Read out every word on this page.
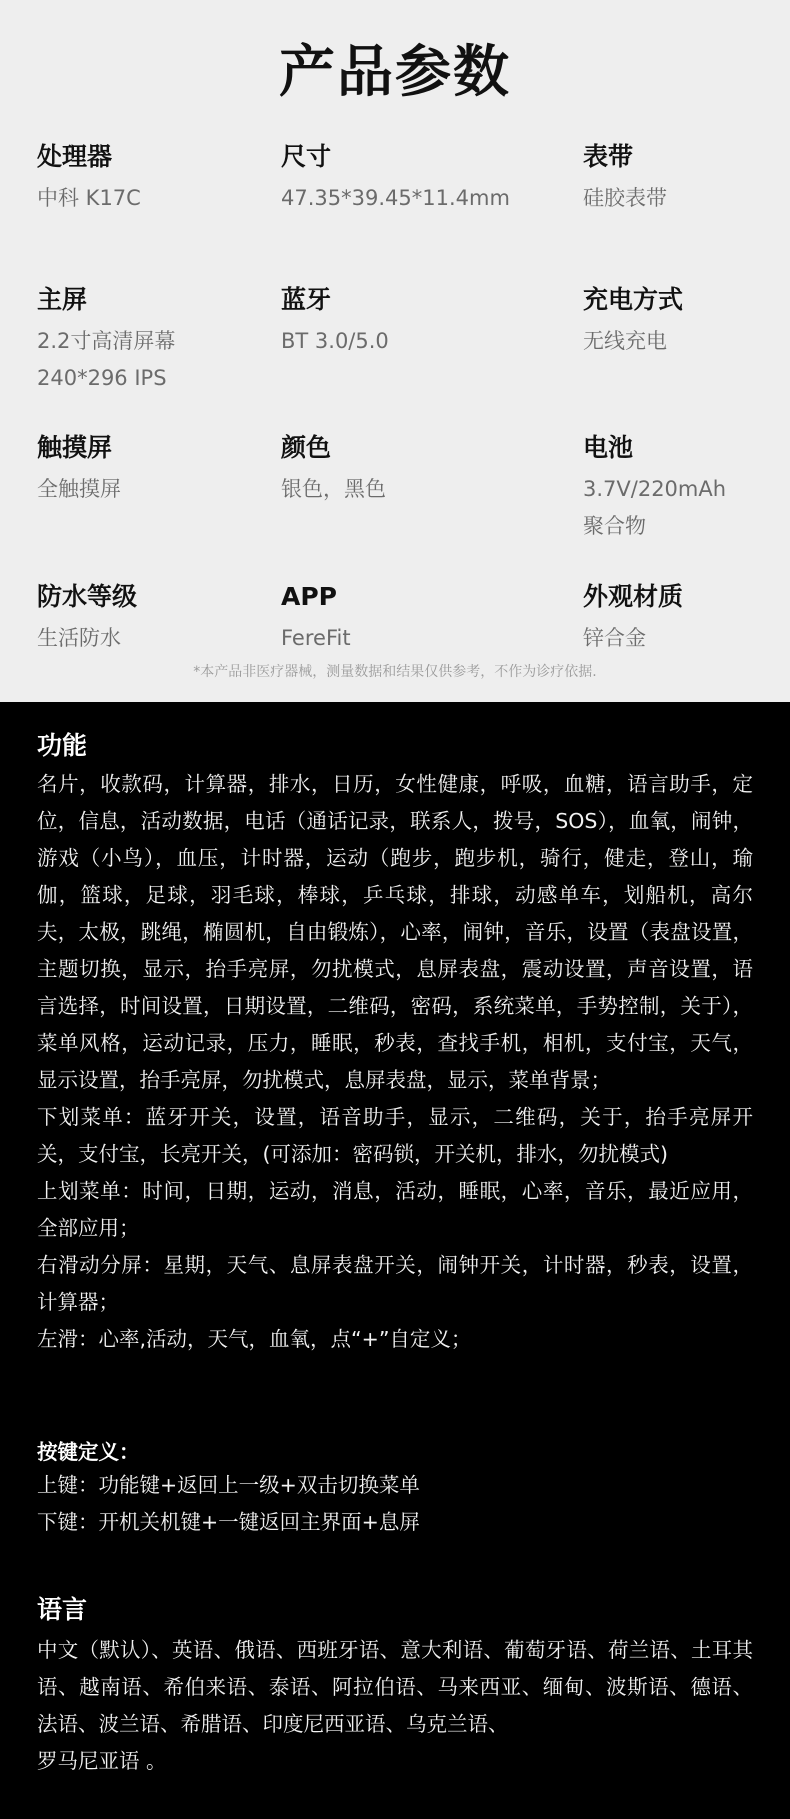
产品参数
处理器
中科 K17C
尺寸
47.35*39.45*11.4mm
表带
硅胶表带
主屏
2.2寸高清屏幕
240*296 IPS
蓝牙
BT 3.0/5.0
充电方式
无线充电
触摸屏
全触摸屏
颜色
银色，黑色
电池
3.7V/220mAh
聚合物
防水等级
生活防水
APP
FereFit
外观材质
锌合金
*本产品非医疗器械，测量数据和结果仅供参考，不作为诊疗依据.
功能
名片，收款码，计算器，排水，日历，女性健康，呼吸，血糖，语言助手，定位，信息，活动数据，电话（通话记录，联系人，拨号，SOS），血氧，闹钟，游戏（小鸟），血压，计时器，运动（跑步，跑步机，骑行，健走，登山，瑜伽，篮球，足球，羽毛球，棒球，乒乓球，排球，动感单车，划船机，高尔夫，太极，跳绳，椭圆机，自由锻炼），心率，闹钟，音乐，设置（表盘设置，主题切换，显示，抬手亮屏，勿扰模式，息屏表盘，震动设置，声音设置，语言选择，时间设置，日期设置，二维码，密码，系统菜单，手势控制，关于），菜单风格，运动记录，压力，睡眠，秒表，查找手机，相机，支付宝，天气，显示设置，抬手亮屏，勿扰模式，息屏表盘，显示，菜单背景；
下划菜单：蓝牙开关，设置，语音助手，显示，二维码，关于，抬手亮屏开关，支付宝，长亮开关，(可添加：密码锁，开关机，排水，勿扰模式)
上划菜单：时间，日期，运动，消息，活动，睡眠，心率，音乐，最近应用，全部应用；
右滑动分屏：星期，天气、息屏表盘开关，闹钟开关，计时器，秒表，设置，计算器；
左滑：心率,活动，天气，血氧，点“+”自定义；
按键定义：
上键：功能键+返回上一级+双击切换菜单
下键：开机关机键+一键返回主界面+息屏
语言
中文（默认）、英语、俄语、西班牙语、意大利语、葡萄牙语、荷兰语、土耳其语、越南语、希伯来语、泰语、阿拉伯语、马来西亚、缅甸、波斯语、德语、法语、波兰语、希腊语、印度尼西亚语、乌克兰语、
罗马尼亚语 。
